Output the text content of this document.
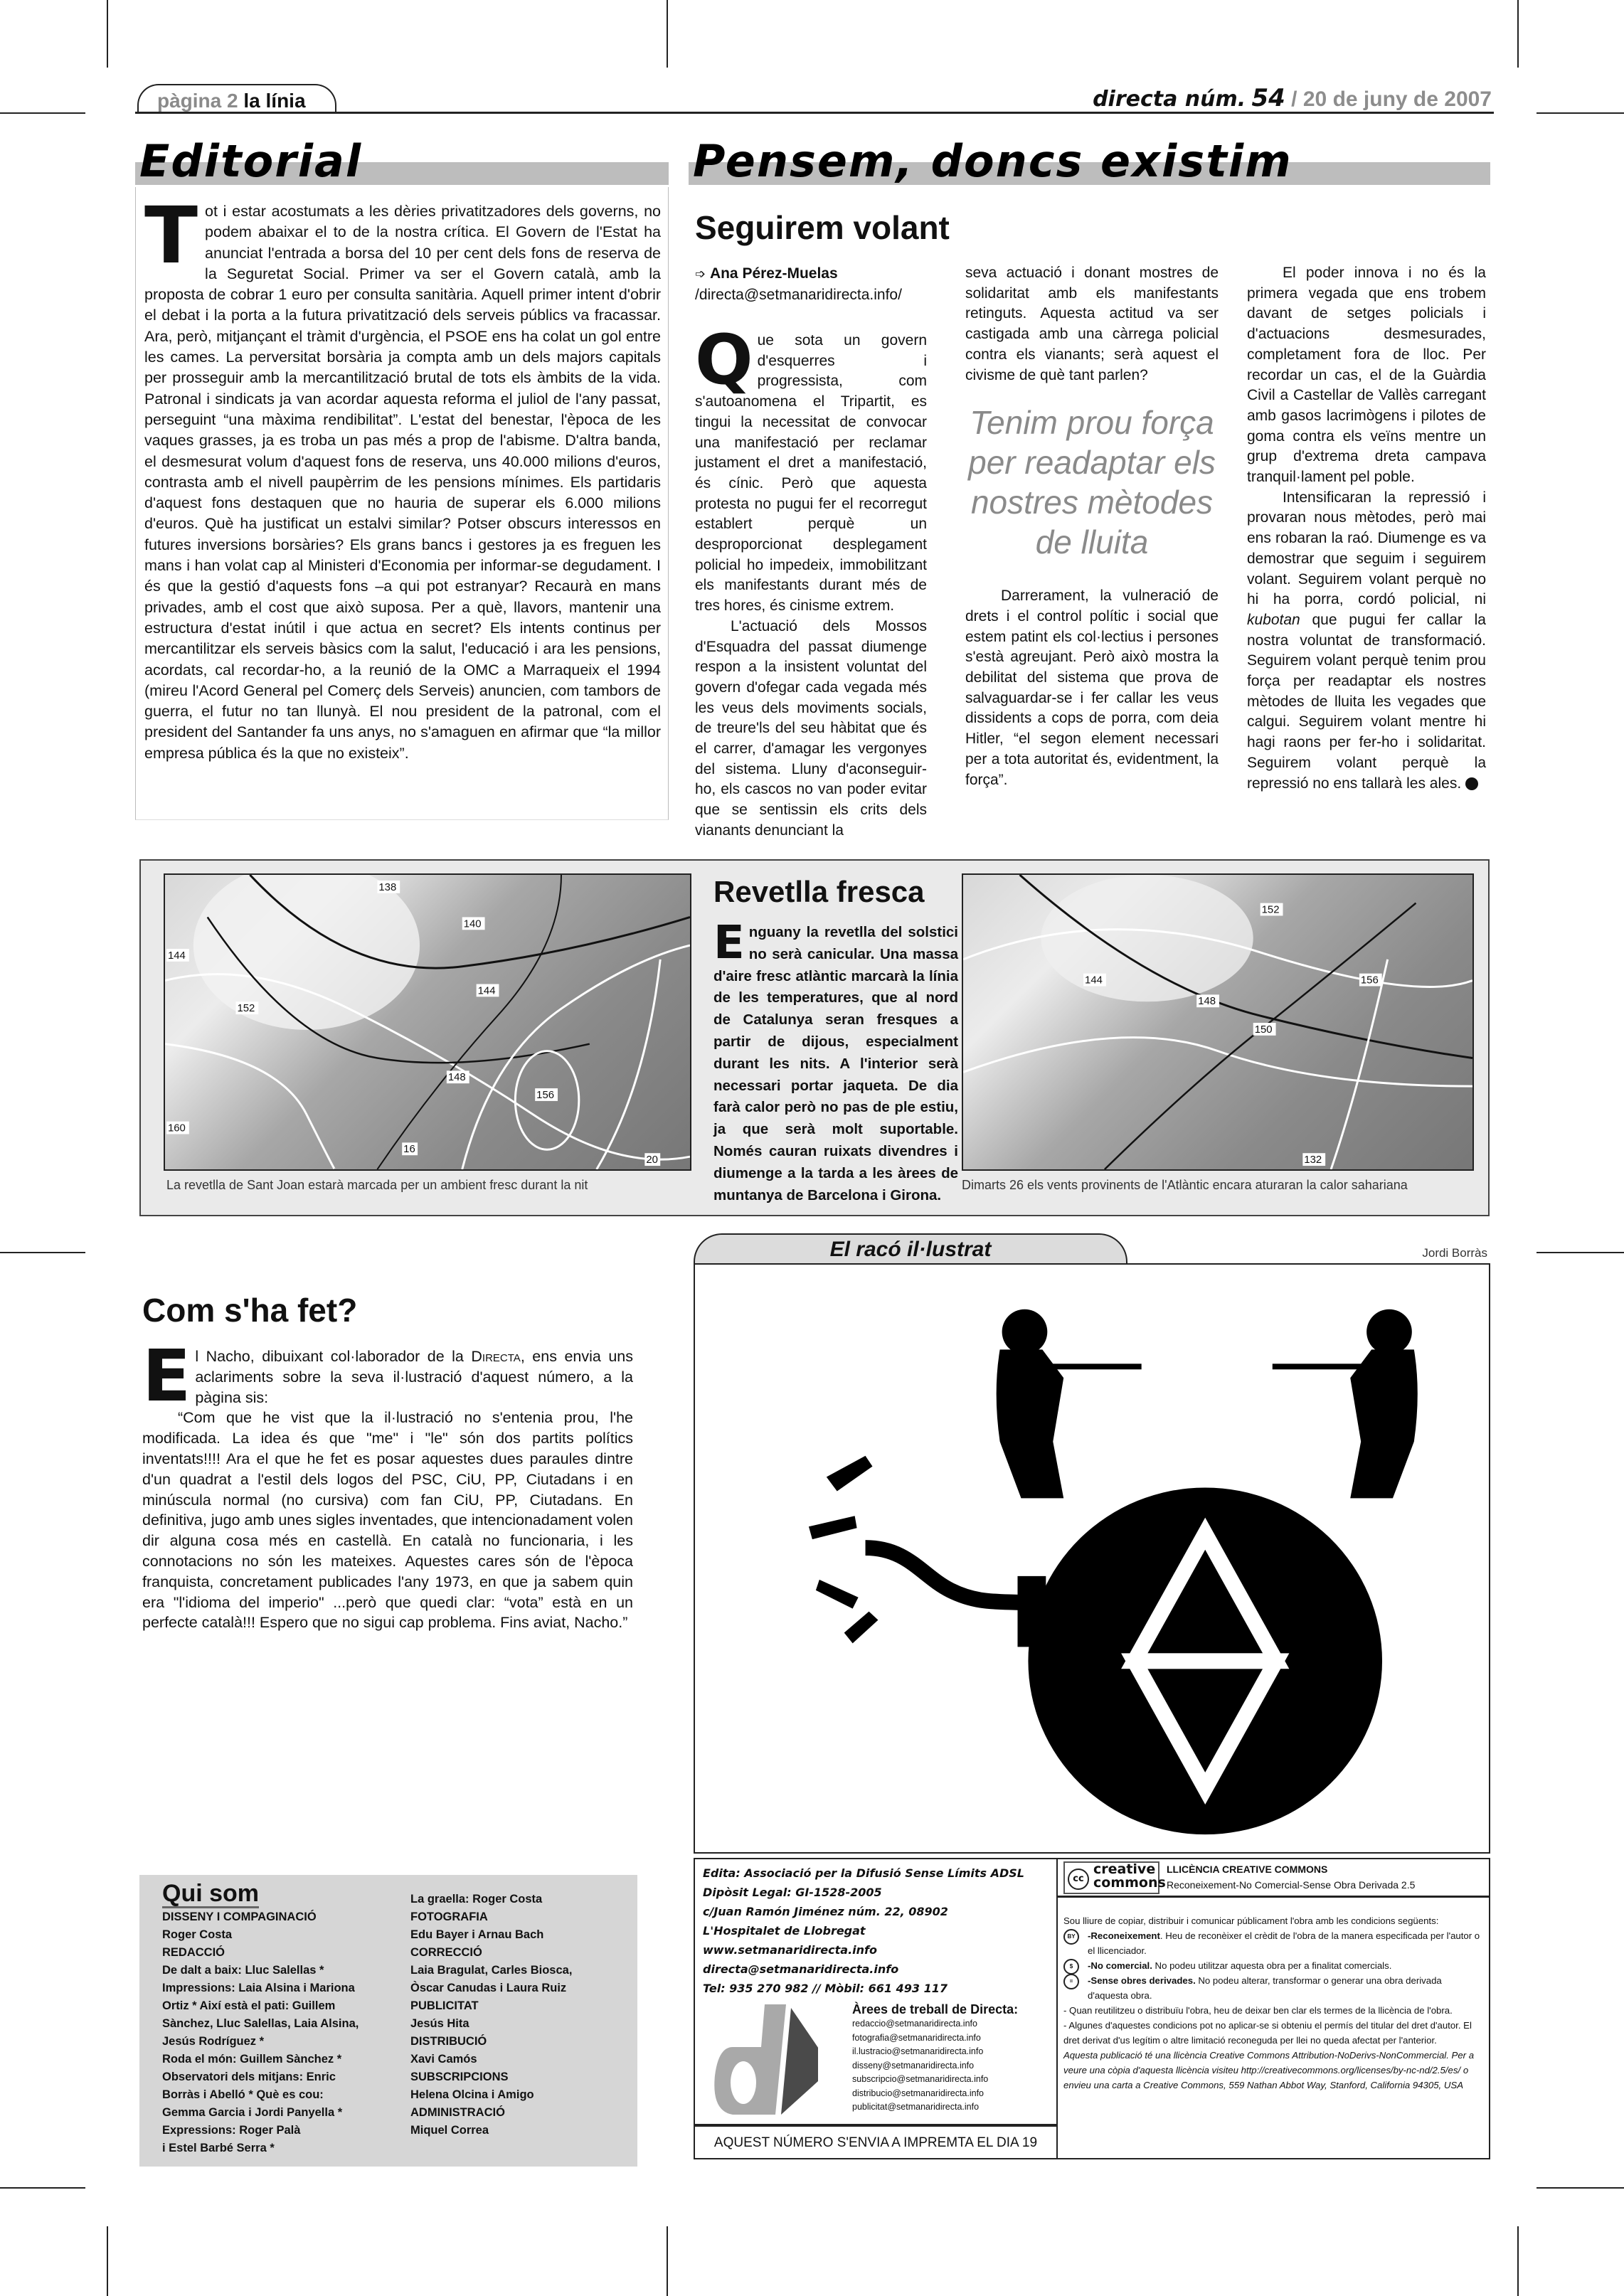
pàgina 2 la línia	directa núm. 54 / 20 de juny de 2007
Editorial

Tot i estar acostumats a les dèries privatitzadores dels governs, no podem abaixar el to de la nostra crítica. El Govern de l'Estat ha anunciat l'entrada a borsa del 10 per cent dels fons de reserva de la Seguretat Social. Primer va ser el Govern català, amb la proposta de cobrar 1 euro per consulta sanitària. Aquell primer intent d'obrir el debat i la porta a la futura privatització dels serveis públics va fracassar. Ara, però, mitjançant el tràmit d'urgència, el PSOE ens ha colat un gol entre les cames. La perversitat borsària ja compta amb un dels majors capitals per prosseguir amb la mercantilització brutal de tots els àmbits de la vida. Patronal i sindicats ja van acordar aquesta reforma el juliol de l'any passat, perseguint “una màxima rendibilitat”. L'estat del benestar, l'època de les vaques grasses, ja es troba un pas més a prop de l'abisme. D'altra banda, el desmesurat volum d'aquest fons de reserva, uns 40.000 milions d'euros, contrasta amb el nivell paupèrrim de les pensions mínimes. Els partidaris d'aquest fons destaquen que no hauria de superar els 6.000 milions d'euros. Què ha justificat un estalvi similar? Potser obscurs interessos en futures inversions borsàries? Els grans bancs i gestores ja es freguen les mans i han volat cap al Ministeri d'Economia per informar-se degudament. I és que la gestió d'aquests fons –a qui pot estranyar? Recaurà en mans privades, amb el cost que això suposa. Per a què, llavors, mantenir una estructura d'estat inútil i que actua en secret? Els intents continus per mercantilitzar els serveis bàsics com la salut, l'educació i ara les pensions, acordats, cal recordar-ho, a la reunió de la OMC a Marraqueix el 1994 (mireu l'Acord General pel Comerç dels Serveis) anuncien, com tambors de guerra, el futur no tan llunyà. El nou president de la patronal, com el president del Santander fa uns anys, no s'amaguen en afirmar que “la millor empresa pública és la que no existeix”.

Pensem, doncs existim
Seguirem volant
➩ Ana Pérez-Muelas
/directa@setmanaridirecta.info/

Que sota un govern d'esquerres i progressista, com s'autoanomena el Tripartit, es tingui la necessitat de convocar una manifestació per reclamar justament el dret a manifestació, és cínic. Però que aquesta protesta no pugui fer el recorregut establert perquè un desproporcionat desplegament policial ho impedeix, immobilitzant els manifestants durant més de tres hores, és cinisme extrem.

L'actuació dels Mossos d'Esquadra del passat diumenge respon a la insistent voluntat del govern d'ofegar cada vegada més les veus dels moviments socials, de treure'ls del seu hàbitat que és el carrer, d'amagar les vergonyes del sistema. Lluny d'aconseguir-ho, els cascos no van poder evitar que se sentissin els crits dels vianants denunciant la

seva actuació i donant mostres de solidaritat amb els manifestants retinguts. Aquesta actitud va ser castigada amb una càrrega policial contra els vianants; serà aquest el civisme de què tant parlen?

Tenim prou força per readaptar els nostres mètodes de lluita

Darrerament, la vulneració de drets i el control polític i social que estem patint els col·lectius i persones s'està agreujant. Però això mostra la debilitat del sistema que prova de salvaguardar-se i fer callar les veus dissidents a cops de porra, com deia Hitler, “el segon element necessari per a tota autoritat és, evidentment, la força”.

El poder innova i no és la primera vegada que ens trobem davant de setges policials i d'actuacions desmesurades, completament fora de lloc. Per recordar un cas, el de la Guàrdia Civil a Castellar de Vallès carregant amb gasos lacrimògens i pilotes de goma contra els veïns mentre un grup d'extrema dreta campava tranquil·lament pel poble.

Intensificaran la repressió i provaran nous mètodes, però mai ens robaran la raó. Diumenge es va demostrar que seguim i seguirem volant. Seguirem volant perquè no hi ha porra, cordó policial, ni kubotan que pugui fer callar la nostra voluntat de transformació. Seguirem volant perquè tenim prou força per readaptar els nostres mètodes de lluita les vegades que calgui. Seguirem volant mentre hi hagi raons per fer-ho i solidaritat. Seguirem volant perquè la repressió no ens tallarà les ales.	d

138
140
144
152
144
148
156
160
16
20
La revetlla de Sant Joan estarà marcada per un ambient fresc durant la nit
Revetlla fresca
Enguany la revetlla del solstici no serà canicular. Una massa d'aire fresc atlàntic marcarà la línia de les temperatures, que al nord de Catalunya seran fresques a partir de dijous, especialment durant les nits. A l'interior serà necessari portar jaqueta. De dia farà calor però no pas de ple estiu, ja que serà molt suportable. Només cauran ruixats divendres i diumenge a la tarda a les àrees de muntanya de Barcelona i Girona.
152
148
150
156
132
144
Dimarts 26 els vents provinents de l'Atlàntic encara aturaran la calor sahariana
El racó il·lustrat	Jordi Borràs
Com s'ha fet?

El Nacho, dibuixant col·laborador de la Directa, ens envia uns aclariments sobre la seva il·lustració d'aquest número, a la pàgina sis:

“Com que he vist que la il·lustració no s'entenia prou, l'he modificada. La idea és que "me" i "le" són dos partits polítics inventats!!!! Ara el que he fet es posar aquestes dues paraules dintre d'un quadrat a l'estil dels logos del PSC, CiU, PP, Ciutadans i en minúscula normal (no cursiva) com fan CiU, PP, Ciutadans. En definitiva, jugo amb unes sigles inventades, que intencionadament volen dir alguna cosa més en castellà. En català no funcionaria, i les connotacions no són les mateixes. Aquestes cares són de l'època franquista, concretament publicades l'any 1973, en que ja sabem quin era "l'idioma del imperio" ...però que quedi clar: “vota” està en un perfecte català!!! Espero que no sigui cap problema. Fins aviat, Nacho.”

Qui som
DISSENY I COMPAGINACIÓ
Roger Costa
REDACCIÓ
De dalt a baix: Lluc Salellas *
Impressions: Laia Alsina i Mariona
Ortiz * Així està el pati: Guillem
Sànchez, Lluc Salellas, Laia Alsina,
Jesús Rodríguez *
Roda el món: Guillem Sànchez *
Observatori dels mitjans: Enric
Borràs i Abelló * Què es cou:
Gemma Garcia i Jordi Panyella *
Expressions: Roger Palà
i Estel Barbé Serra *
La graella: Roger Costa
FOTOGRAFIA
Edu Bayer i Arnau Bach
CORRECCIÓ
Laia Bragulat, Carles Biosca,
Òscar Canudas i Laura Ruiz
PUBLICITAT
Jesús Hita
DISTRIBUCIÓ
Xavi Camós
SUBSCRIPCIONS
Helena Olcina i Amigo
ADMINISTRACIÓ
Miquel Correa
Edita: Associació per la Difusió Sense Límits ADSL
Dipòsit Legal: GI-1528-2005
c/Juan Ramón Jiménez núm. 22, 08902
L'Hospitalet de Llobregat
www.setmanaridirecta.info
directa@setmanaridirecta.info
Tel: 935 270 982 // Mòbil: 661 493 117
Àrees de treball de Directa:
redaccio@setmanaridirecta.info
fotografia@setmanaridirecta.info
il.lustracio@setmanaridirecta.info
disseny@setmanaridirecta.info
subscripcio@setmanaridirecta.info
distribucio@setmanaridirecta.info
publicitat@setmanaridirecta.info
AQUEST NÚMERO S'ENVIA A IMPREMTA EL DIA 19
cc
creative
commons
LLICÈNCIA CREATIVE COMMONS
Reconeixement-No Comercial-Sense Obra Derivada 2.5
Sou lliure de copiar, distribuir i comunicar públicament l'obra amb les condicions següents:
BY	-Reconeixement. Heu de reconèixer el crèdit de l'obra de la manera especificada per l'autor o el llicenciador.
$	-No comercial. No podeu utilitzar aquesta obra per a finalitat comercials.
=	-Sense obres derivades. No podeu alterar, transformar o generar una obra derivada d'aquesta obra.
- Quan reutilitzeu o distribuïu l'obra, heu de deixar ben clar els termes de la llicència de l'obra.
- Algunes d'aquestes condicions pot no aplicar-se si obteniu el permís del titular del dret d'autor. El dret derivat d'us legítim o altre limitació reconeguda per llei no queda afectat per l'anterior.
Aquesta publicació té una llicència Creative Commons Attribution-NoDerivs-NonCommercial. Per a veure una còpia d'aquesta llicència visiteu http://creativecommons.org/licenses/by-nc-nd/2.5/es/ o envieu una carta a Creative Commons, 559 Nathan Abbot Way, Stanford, California 94305, USA
